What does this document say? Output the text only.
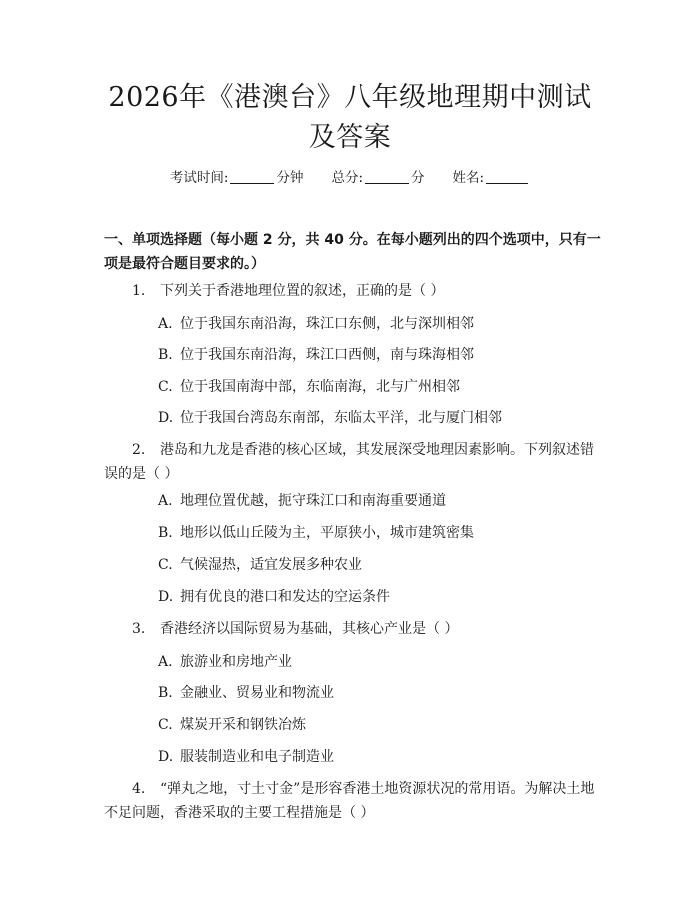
2026年《港澳台》八年级地理期中测试及答案
考试时间:	分钟 总分:	分 姓名:
一、单项选择题（每小题 2 分，共 40 分。在每小题列出的四个选项中，只有一项是最符合题目要求的。）
1. 下列关于香港地理位置的叙述，正确的是（ ）
A. 位于我国东南沿海，珠江口东侧，北与深圳相邻
B. 位于我国东南沿海，珠江口西侧，南与珠海相邻
C. 位于我国南海中部，东临南海，北与广州相邻
D. 位于我国台湾岛东南部，东临太平洋，北与厦门相邻
2. 港岛和九龙是香港的核心区域，其发展深受地理因素影响。下列叙述错误的是（ ）
A. 地理位置优越，扼守珠江口和南海重要通道
B. 地形以低山丘陵为主，平原狭小，城市建筑密集
C. 气候湿热，适宜发展多种农业
D. 拥有优良的港口和发达的空运条件
3. 香港经济以国际贸易为基础，其核心产业是（ ）
A. 旅游业和房地产业
B. 金融业、贸易业和物流业
C. 煤炭开采和钢铁冶炼
D. 服装制造业和电子制造业
4. “弹丸之地，寸土寸金”是形容香港土地资源状况的常用语。为解决土地不足问题，香港采取的主要工程措施是（ ）
